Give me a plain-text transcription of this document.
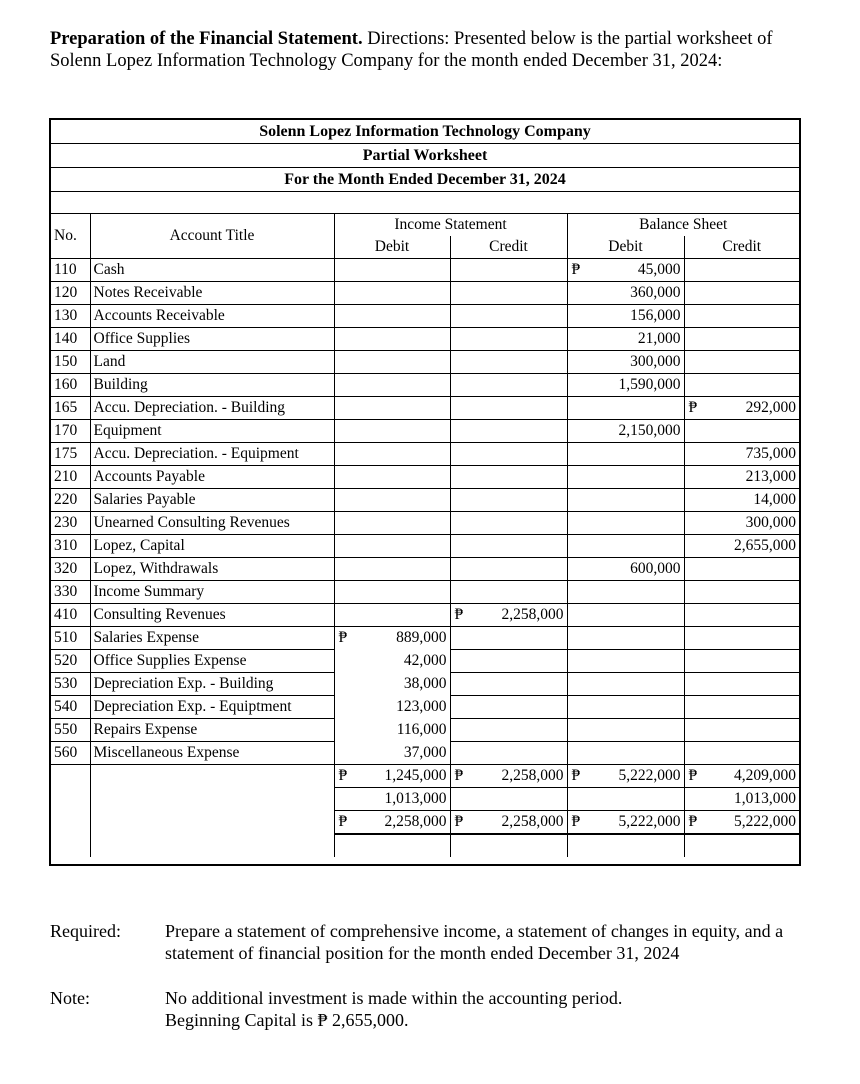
Preparation of the Financial Statement. Directions: Presented below is the partial worksheet of Solenn Lopez Information Technology Company for the month ended December 31, 2024:
Solenn Lopez Information Technology Company
Partial Worksheet
For the Month Ended December 31, 2024
No.	Account Title	Income Statement		Balance Sheet	
		Debit	Credit	Debit	Credit
110	Cash			₱ 45,000	
120	Notes Receivable			360,000	
130	Accounts Receivable			156,000	
140	Office Supplies			21,000	
150	Land			300,000	
160	Building			1,590,000	
165	Accu. Depreciation. - Building				₱ 292,000
170	Equipment			2,150,000	
175	Accu. Depreciation. - Equipment				735,000
210	Accounts Payable				213,000
220	Salaries Payable				14,000
230	Unearned Consulting Revenues				300,000
310	Lopez, Capital				2,655,000
320	Lopez, Withdrawals			600,000	
330	Income Summary				
410	Consulting Revenues		₱ 2,258,000		
510	Salaries Expense	₱ 889,000			
520	Office Supplies Expense	42,000			
530	Depreciation Exp. - Building	38,000			
540	Depreciation Exp. - Equiptment	123,000			
550	Repairs Expense	116,000			
560	Miscellaneous Expense	37,000			

		₱ 1,245,000	₱ 2,258,000	₱ 5,222,000	₱ 4,209,000
		1,013,000			1,013,000

		₱ 2,258,000	₱ 2,258,000	₱ 5,222,000	₱ 5,222,000

Required: Prepare a statement of comprehensive income, a statement of changes in equity, and a statement of financial position for the month ended December 31, 2024
Note:	No additional investment is made within the accounting period.
Beginning Capital is ₱ 2,655,000.
